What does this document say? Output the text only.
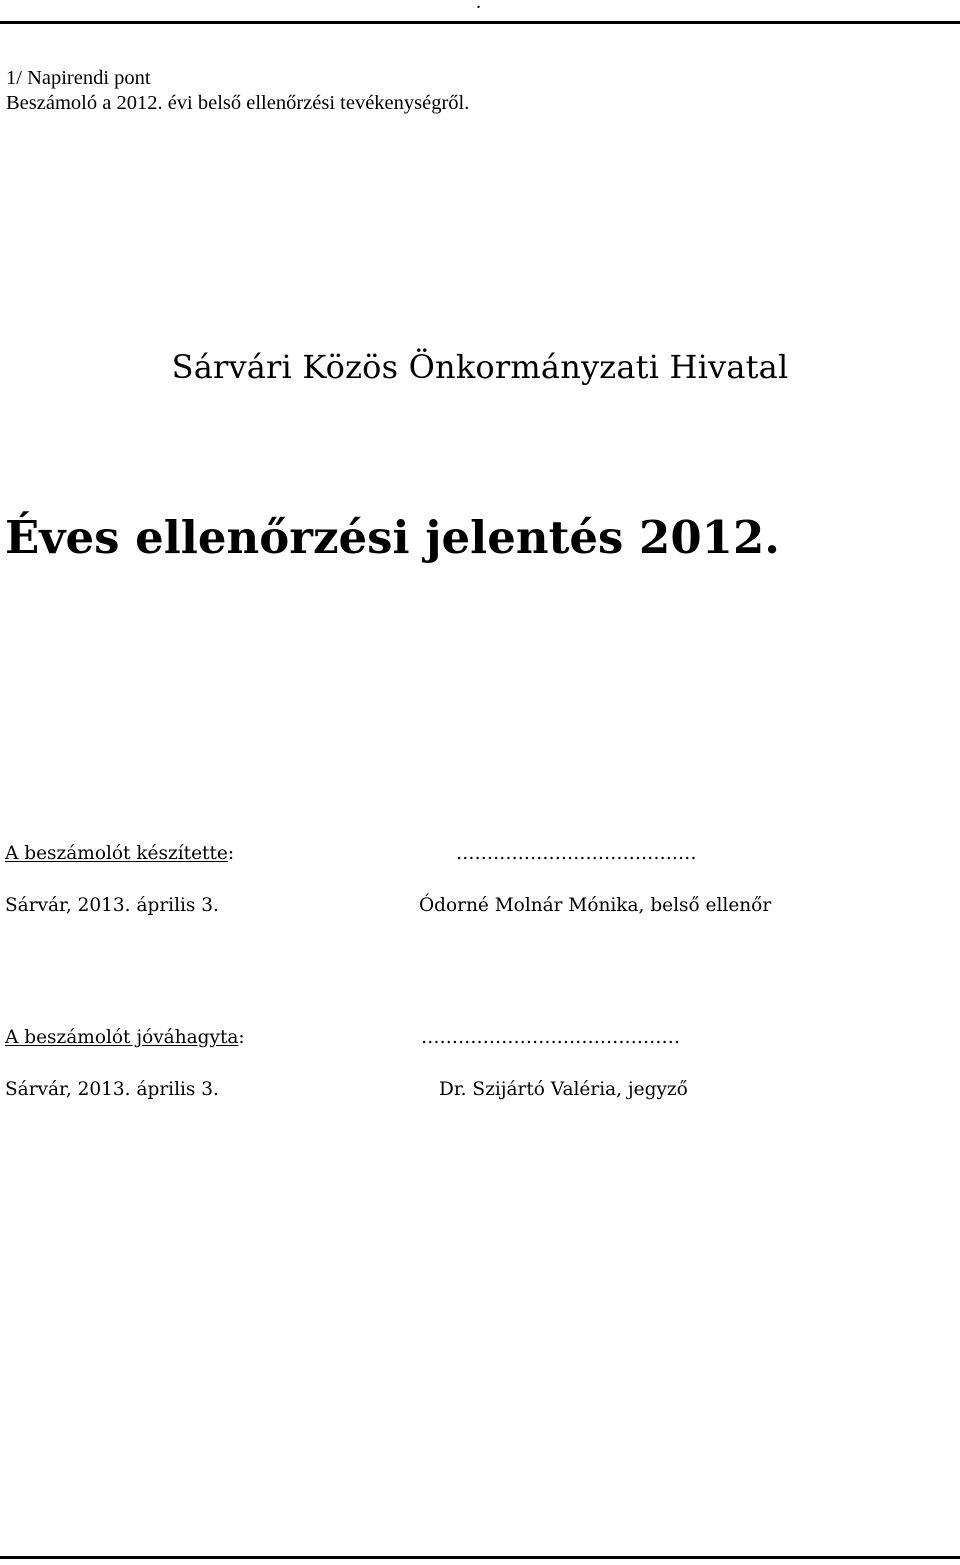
.
1/ Napirendi pont
Beszámoló a 2012. évi belső ellenőrzési tevékenységről.
Sárvári Közös Önkormányzati Hivatal
Éves ellenőrzési jelentés 2012.
A beszámolót készítette:	…………………………………
Sárvár, 2013. április 3.	Ódorné Molnár Mónika, belső ellenőr
A beszámolót jóváhagyta:	……………………………………
Sárvár, 2013. április 3.	Dr. Szijártó Valéria, jegyző
